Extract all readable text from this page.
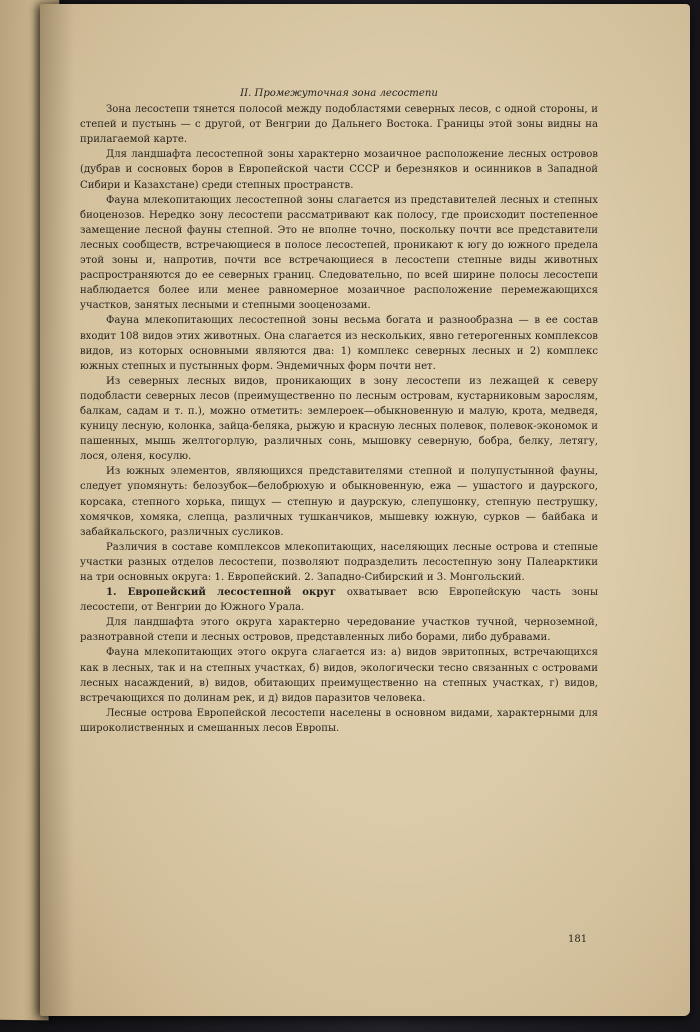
II. Промежуточная зона лесостепи

Зона лесостепи тянется полосой между подобластями северных лесов, с одной стороны, и степей и пустынь — с другой, от Венгрии до Дальнего Востока. Границы этой зоны видны на прилагаемой карте.

Для ландшафта лесостепной зоны характерно мозаичное расположение лесных островов (дубрав и сосновых боров в Европейской части СССР и березняков и осинников в Западной Сибири и Казахстане) среди степных пространств.

Фауна млекопитающих лесостепной зоны слагается из представителей лесных и степных биоценозов. Нередко зону лесостепи рассматривают как полосу, где происходит постепенное замещение лесной фауны степной. Это не вполне точно, поскольку почти все представители лесных сообществ, встречающиеся в полосе лесостепей, проникают к югу до южного предела этой зоны и, напротив, почти все встречающиеся в лесостепи степные виды животных распространяются до ее северных границ. Следовательно, по всей ширине полосы лесостепи наблюдается более или менее равномерное мозаичное расположение перемежающихся участков, занятых лесными и степными зооценозами.

Фауна млекопитающих лесостепной зоны весьма богата и разнообразна — в ее состав входит 108 видов этих животных. Она слагается из нескольких, явно гетерогенных комплексов видов, из которых основными являются два: 1) комплекс северных лесных и 2) комплекс южных степных и пустынных форм. Эндемичных форм почти нет.

Из северных лесных видов, проникающих в зону лесостепи из лежащей к северу подобласти северных лесов (преимущественно по лесным островам, кустарниковым зарослям, балкам, садам и т. п.), можно отметить: землероек—обыкновенную и малую, крота, медведя, куницу лесную, колонка, зайца-беляка, рыжую и красную лесных полевок, полевок-экономок и пашенных, мышь желтогорлую, различных сонь, мышовку северную, бобра, белку, летягу, лося, оленя, косулю.

Из южных элементов, являющихся представителями степной и полупустынной фауны, следует упомянуть: белозубок—белобрюхую и обыкновенную, ежа — ушастого и даурского, корсака, степного хорька, пищух — степную и даурскую, слепушонку, степную пеструшку, хомячков, хомяка, слепца, различных тушканчиков, мышевку южную, сурков — байбака и забайкальского, различных сусликов.

Различия в составе комплексов млекопитающих, населяющих лесные острова и степные участки разных отделов лесостепи, позволяют подразделить лесостепную зону Палеарктики на три основных округа: 1. Европейский. 2. Западно-Сибирский и 3. Монгольский.

1. Европейский лесостепной округ охватывает всю Европейскую часть зоны лесостепи, от Венгрии до Южного Урала.

Для ландшафта этого округа характерно чередование участков тучной, черноземной, разнотравной степи и лесных островов, представленных либо борами, либо дубравами.

Фауна млекопитающих этого округа слагается из: а) видов эвритопных, встречающихся как в лесных, так и на степных участках, б) видов, экологически тесно связанных с островами лесных насаждений, в) видов, обитающих преимущественно на степных участках, г) видов, встречающихся по долинам рек, и д) видов паразитов человека.

Лесные острова Европейской лесостепи населены в основном видами, характерными для широколиственных и смешанных лесов Европы.

181
